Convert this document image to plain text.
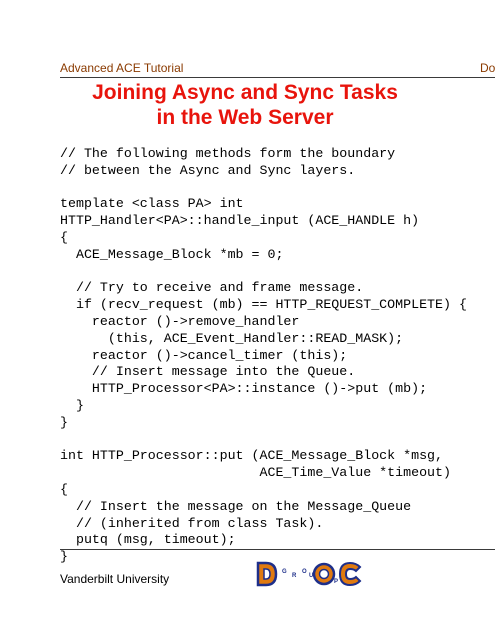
Advanced ACE Tutorial	Do
Joining Async and Sync Tasks
in the Web Server
// The following methods form the boundary
// between the Async and Sync layers.

template <class PA> int
HTTP_Handler<PA>::handle_input (ACE_HANDLE h)
{
ACE_Message_Block *mb = 0;

// Try to receive and frame message.
if (recv_request (mb) == HTTP_REQUEST_COMPLETE) {
reactor ()->remove_handler
(this, ACE_Event_Handler::READ_MASK);
reactor ()->cancel_timer (this);
// Insert message into the Queue.
HTTP_Processor<PA>::instance ()->put (mb);
}
}

int HTTP_Processor::put (ACE_Message_Block *msg,
ACE_Time_Value *timeout)
{
// Insert the message on the Message_Queue
// (inherited from class Task).
putq (msg, timeout);
}
Vanderbilt University	G
R
O
U
P
